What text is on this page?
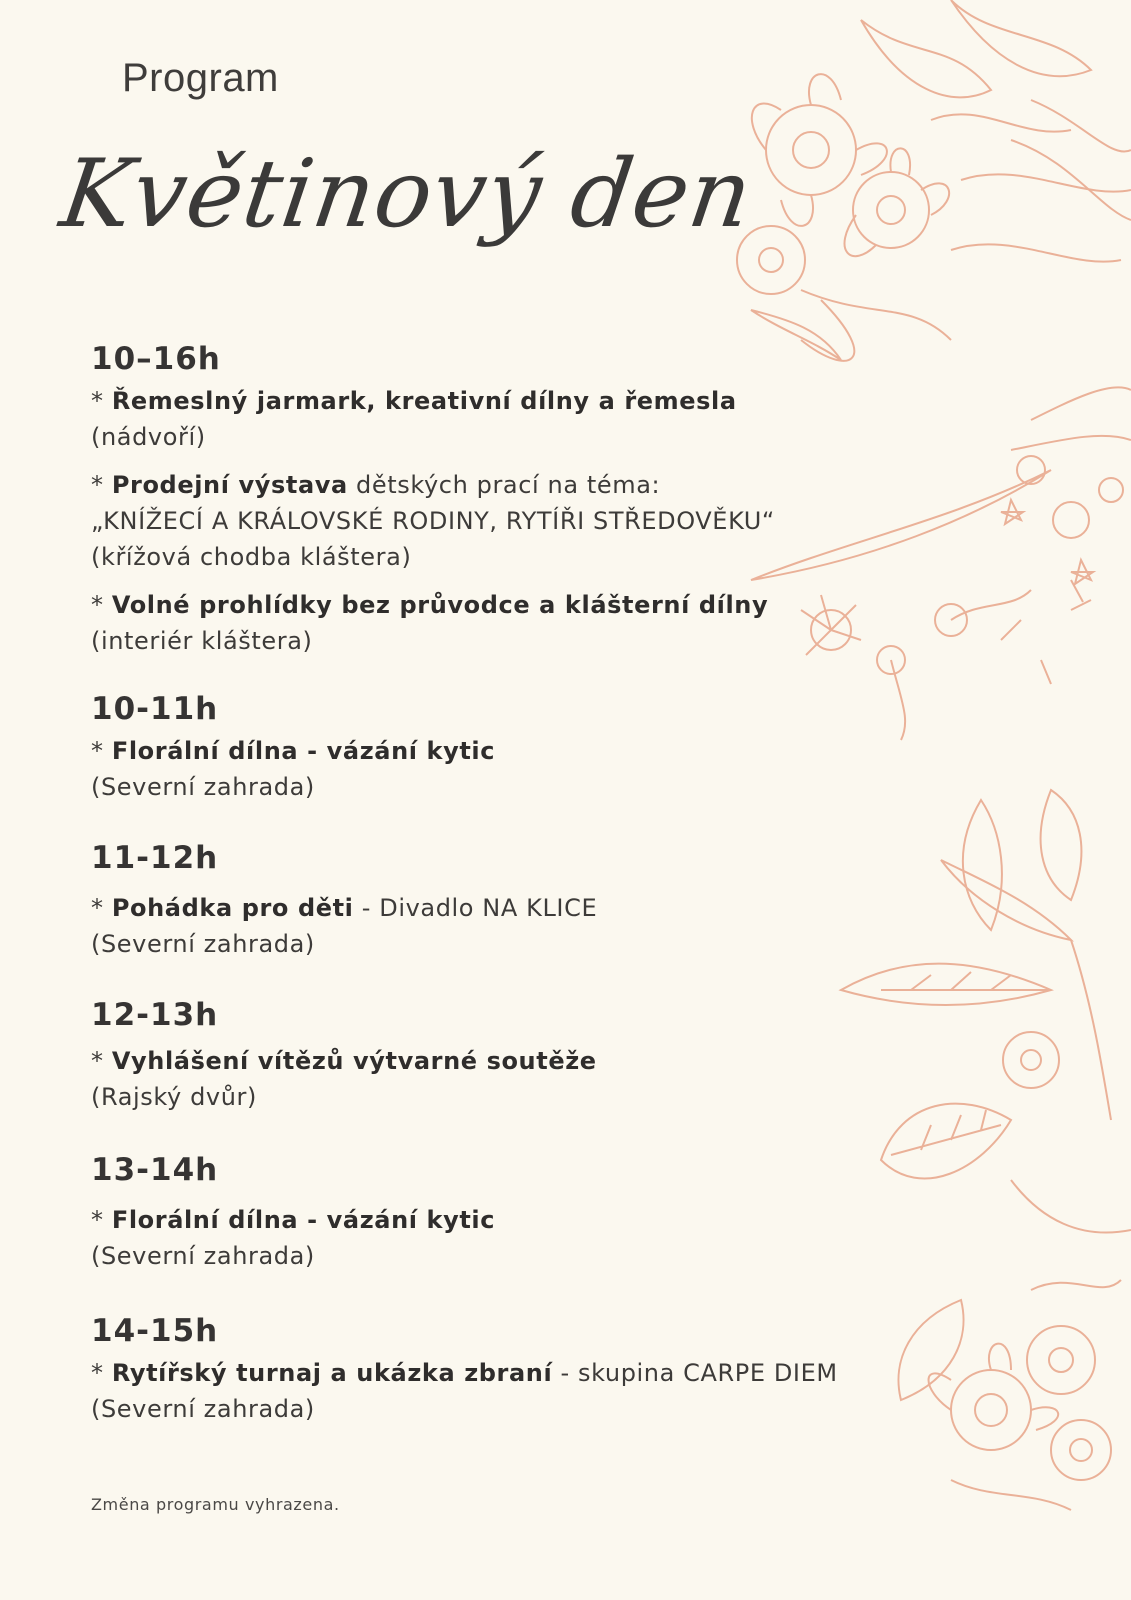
Program
Květinový den
10–16h
* Řemeslný jarmark, kreativní dílny a řemesla
(nádvoří)
* Prodejní výstava dětských prací na téma:
„KNÍŽECÍ A KRÁLOVSKÉ RODINY, RYTÍŘI STŘEDOVĚKU“
(křížová chodba kláštera)
* Volné prohlídky bez průvodce a klášterní dílny
(interiér kláštera)
10-11h
* Florální dílna - vázání kytic
(Severní zahrada)
11-12h
* Pohádka pro děti - Divadlo NA KLICE
(Severní zahrada)
12-13h
* Vyhlášení vítězů výtvarné soutěže
(Rajský dvůr)
13-14h
* Florální dílna - vázání kytic
(Severní zahrada)
14-15h
* Rytířský turnaj a ukázka zbraní - skupina CARPE DIEM
(Severní zahrada)
Změna programu vyhrazena.
